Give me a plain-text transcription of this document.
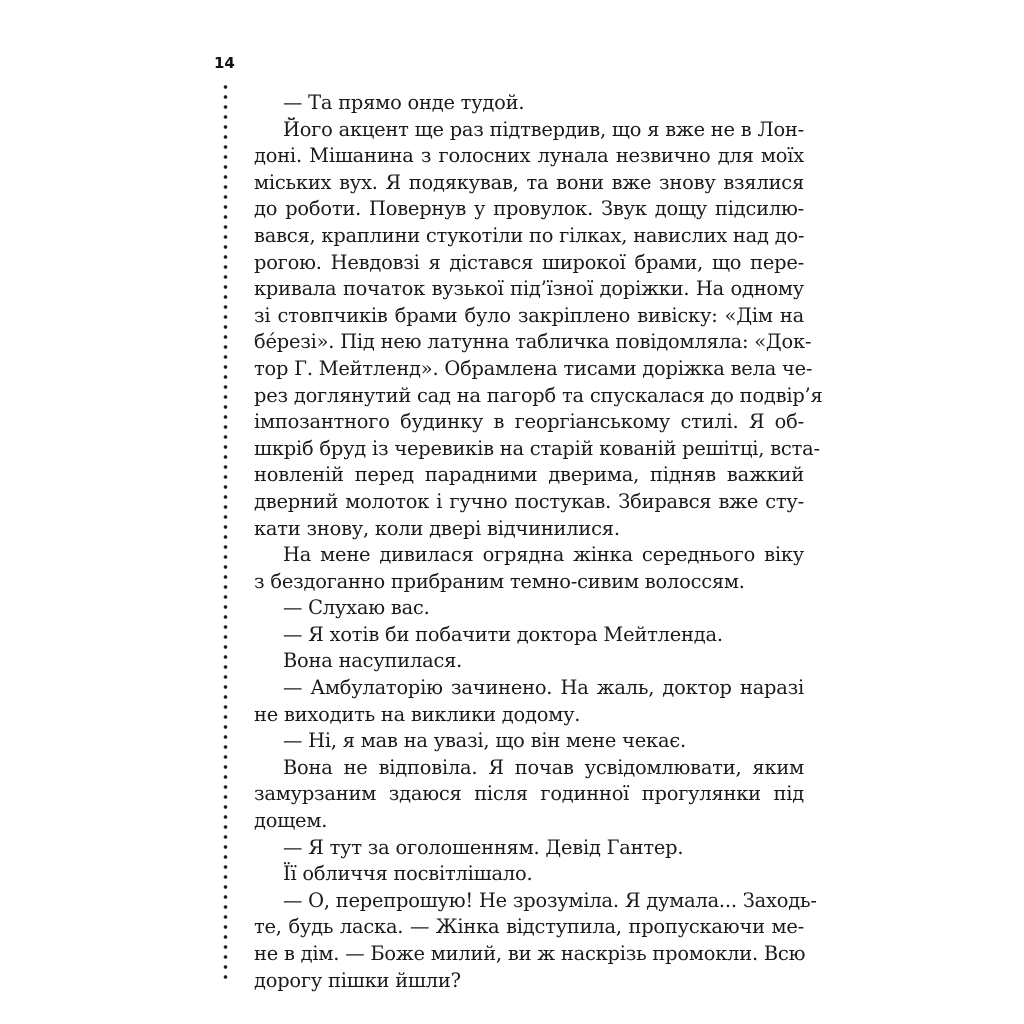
14
— Та прямо онде тудой.
Його акцент ще раз підтвердив, що я вже не в Лон-
доні. Мішанина з голосних лунала незвично для моїх
міських вух. Я подякував, та вони вже знову взялися
до роботи. Повернув у провулок. Звук дощу підсилю-
вався, краплини стукотіли по гілках, навислих над до-
рогою. Невдовзі я дістався широкої брами, що пере-
кривала початок вузької під’їзної доріжки. На одному
зі стовпчиків брами було закріплено вивіску: «Дім на
бéрезі». Під нею латунна табличка повідомляла: «Док-
тор Г. Мейтленд». Обрамлена тисами доріжка вела че-
рез доглянутий сад на пагорб та спускалася до подвір’я
імпозантного будинку в георгіанському стилі. Я об-
шкріб бруд із черевиків на старій кованій решітці, вста-
новленій перед парадними дверима, підняв важкий
дверний молоток і гучно постукав. Збирався вже сту-
кати знову, коли двері відчинилися.
На мене дивилася огрядна жінка середнього віку
з бездоганно прибраним темно-сивим волоссям.
— Слухаю вас.
— Я хотів би побачити доктора Мейтленда.
Вона насупилася.
— Амбулаторію зачинено. На жаль, доктор наразі
не виходить на виклики додому.
— Ні, я мав на увазі, що він мене чекає.
Вона не відповіла. Я почав усвідомлювати, яким
замурзаним здаюся після годинної прогулянки під
дощем.
— Я тут за оголошенням. Девід Гантер.
Її обличчя посвітлішало.
— О, перепрошую! Не зрозуміла. Я думала... Заходь-
те, будь ласка. — Жінка відступила, пропускаючи ме-
не в дім. — Боже милий, ви ж наскрізь промокли. Всю
дорогу пішки йшли?
